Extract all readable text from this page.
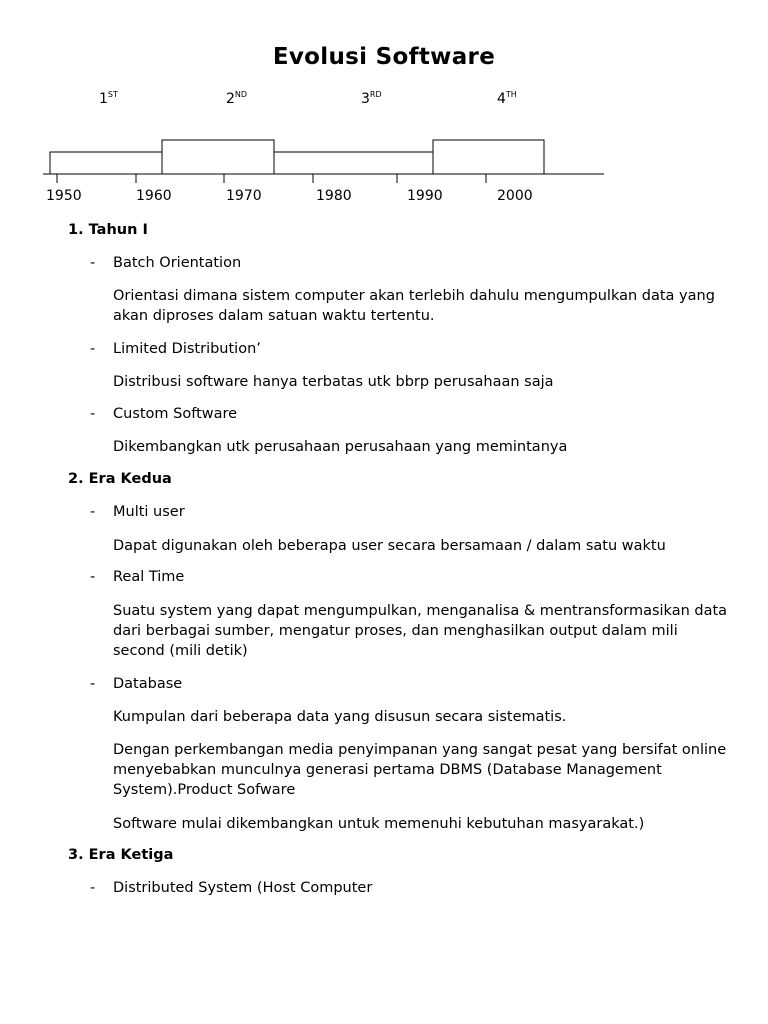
Evolusi Software
1ST	2ND	3RD	4TH
1950	1960	1970	1980	1990	2000
1. Tahun I
- Batch Orientation
Orientasi dimana sistem computer akan terlebih dahulu mengumpulkan data yang akan diproses dalam satuan waktu tertentu.
- Limited Distribution’
Distribusi software hanya terbatas utk bbrp perusahaan saja
- Custom Software
Dikembangkan utk perusahaan perusahaan yang memintanya
2. Era Kedua
- Multi user
Dapat digunakan oleh beberapa user secara bersamaan / dalam satu waktu
- Real Time
Suatu system yang dapat mengumpulkan, menganalisa & mentransformasikan data dari berbagai sumber, mengatur proses, dan menghasilkan output dalam mili second (mili detik)
- Database
Kumpulan dari beberapa data yang disusun secara sistematis.
Dengan perkembangan media penyimpanan yang sangat pesat yang bersifat online menyebabkan munculnya generasi pertama DBMS (Database Management System).Product Sofware
Software mulai dikembangkan untuk memenuhi kebutuhan masyarakat.)
3. Era Ketiga
- Distributed System (Host Computer
